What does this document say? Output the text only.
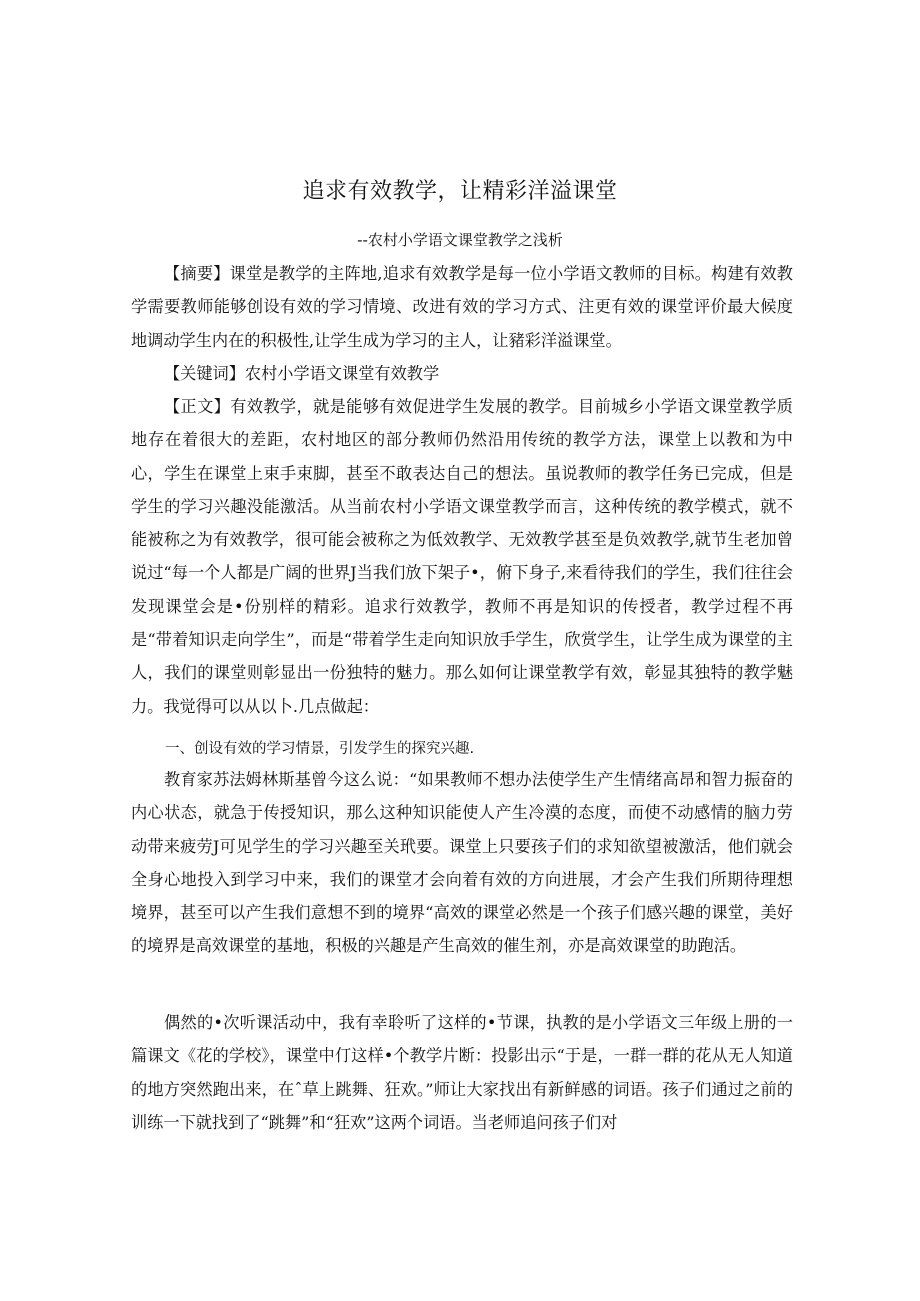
追求有效教学，让精彩洋溢课堂
--农村小学语文课堂教学之浅析

【摘要】课堂是教学的主阵地,追求有效教学是每一位小学语文教师的目标。构建有效教学需要教师能够创设有效的学习情境、改进有效的学习方式、注更有效的课堂评价最大候度地调动学生内在的积极性,让学生成为学习的主人，让豬彩洋溢课堂。

【关键词】农村小学语文课堂有效教学

【正文】有效教学，就是能够有效促进学生发展的教学。目前城乡小学语文课堂教学质地存在着很大的差距，农村地区的部分教师仍然沿用传统的教学方法，课堂上以教和为中心，学生在课堂上束手束脚，甚至不敢表达自己的想法。虽说教师的教学任务已完成，但是学生的学习兴趣没能激活。从当前农村小学语文课堂教学而言，这种传统的教学模式，就不能被称之为有效教学，很可能会被称之为低效教学、无效教学甚至是负效教学,就节生老加曾说过“每一个人都是广阔的世界J当我们放下架子•，俯下身子,来看待我们的学生，我们往往会发现课堂会是•份别样的精彩。追求行效教学，教师不再是知识的传授者，教学过程不再是“带着知识走向学生”，而是“带着学生走向知识放手学生，欣赏学生，让学生成为课堂的主人，我们的课堂则彰显出一份独特的魅力。那么如何让课堂教学有效，彰显其独特的教学魅力。我觉得可以从以卜.几点做起：

一、创设有效的学习情景，引发学生的探究兴趣.

教育家苏法姆林斯基曾今这么说：“如果教师不想办法使学生产生情绪高昂和智力振奋的内心状态，就急于传授知识，那么这种知识能使人产生冷漠的态度，而使不动感情的脑力劳动带来疲劳J可见学生的学习兴趣至关玳要。课堂上只要孩子们的求知欲望被激活，他们就会全身心地投入到学习中来，我们的课堂才会向着有效的方向进展，才会产生我们所期待理想境界，甚至可以产生我们意想不到的境界“高效的课堂必然是一个孩子们感兴趣的课堂，美好的境界是高效课堂的基地，积极的兴趣是产生高效的催生剂，亦是高效课堂的助跑活。

偶然的•次听课活动中，我有幸聆听了这样的•节课，执教的是小学语文三年级上册的一篇课文《花的学校》，课堂中仃这样•个教学片断：投影出示“于是，一群一群的花从无人知道的地方突然跑出来，在ˆ草上跳舞、狂欢。”师让大家找出有新鲜感的词语。孩子们通过之前的训练一下就找到了“跳舞”和“狂欢”这两个词语。当老师追问孩子们对
